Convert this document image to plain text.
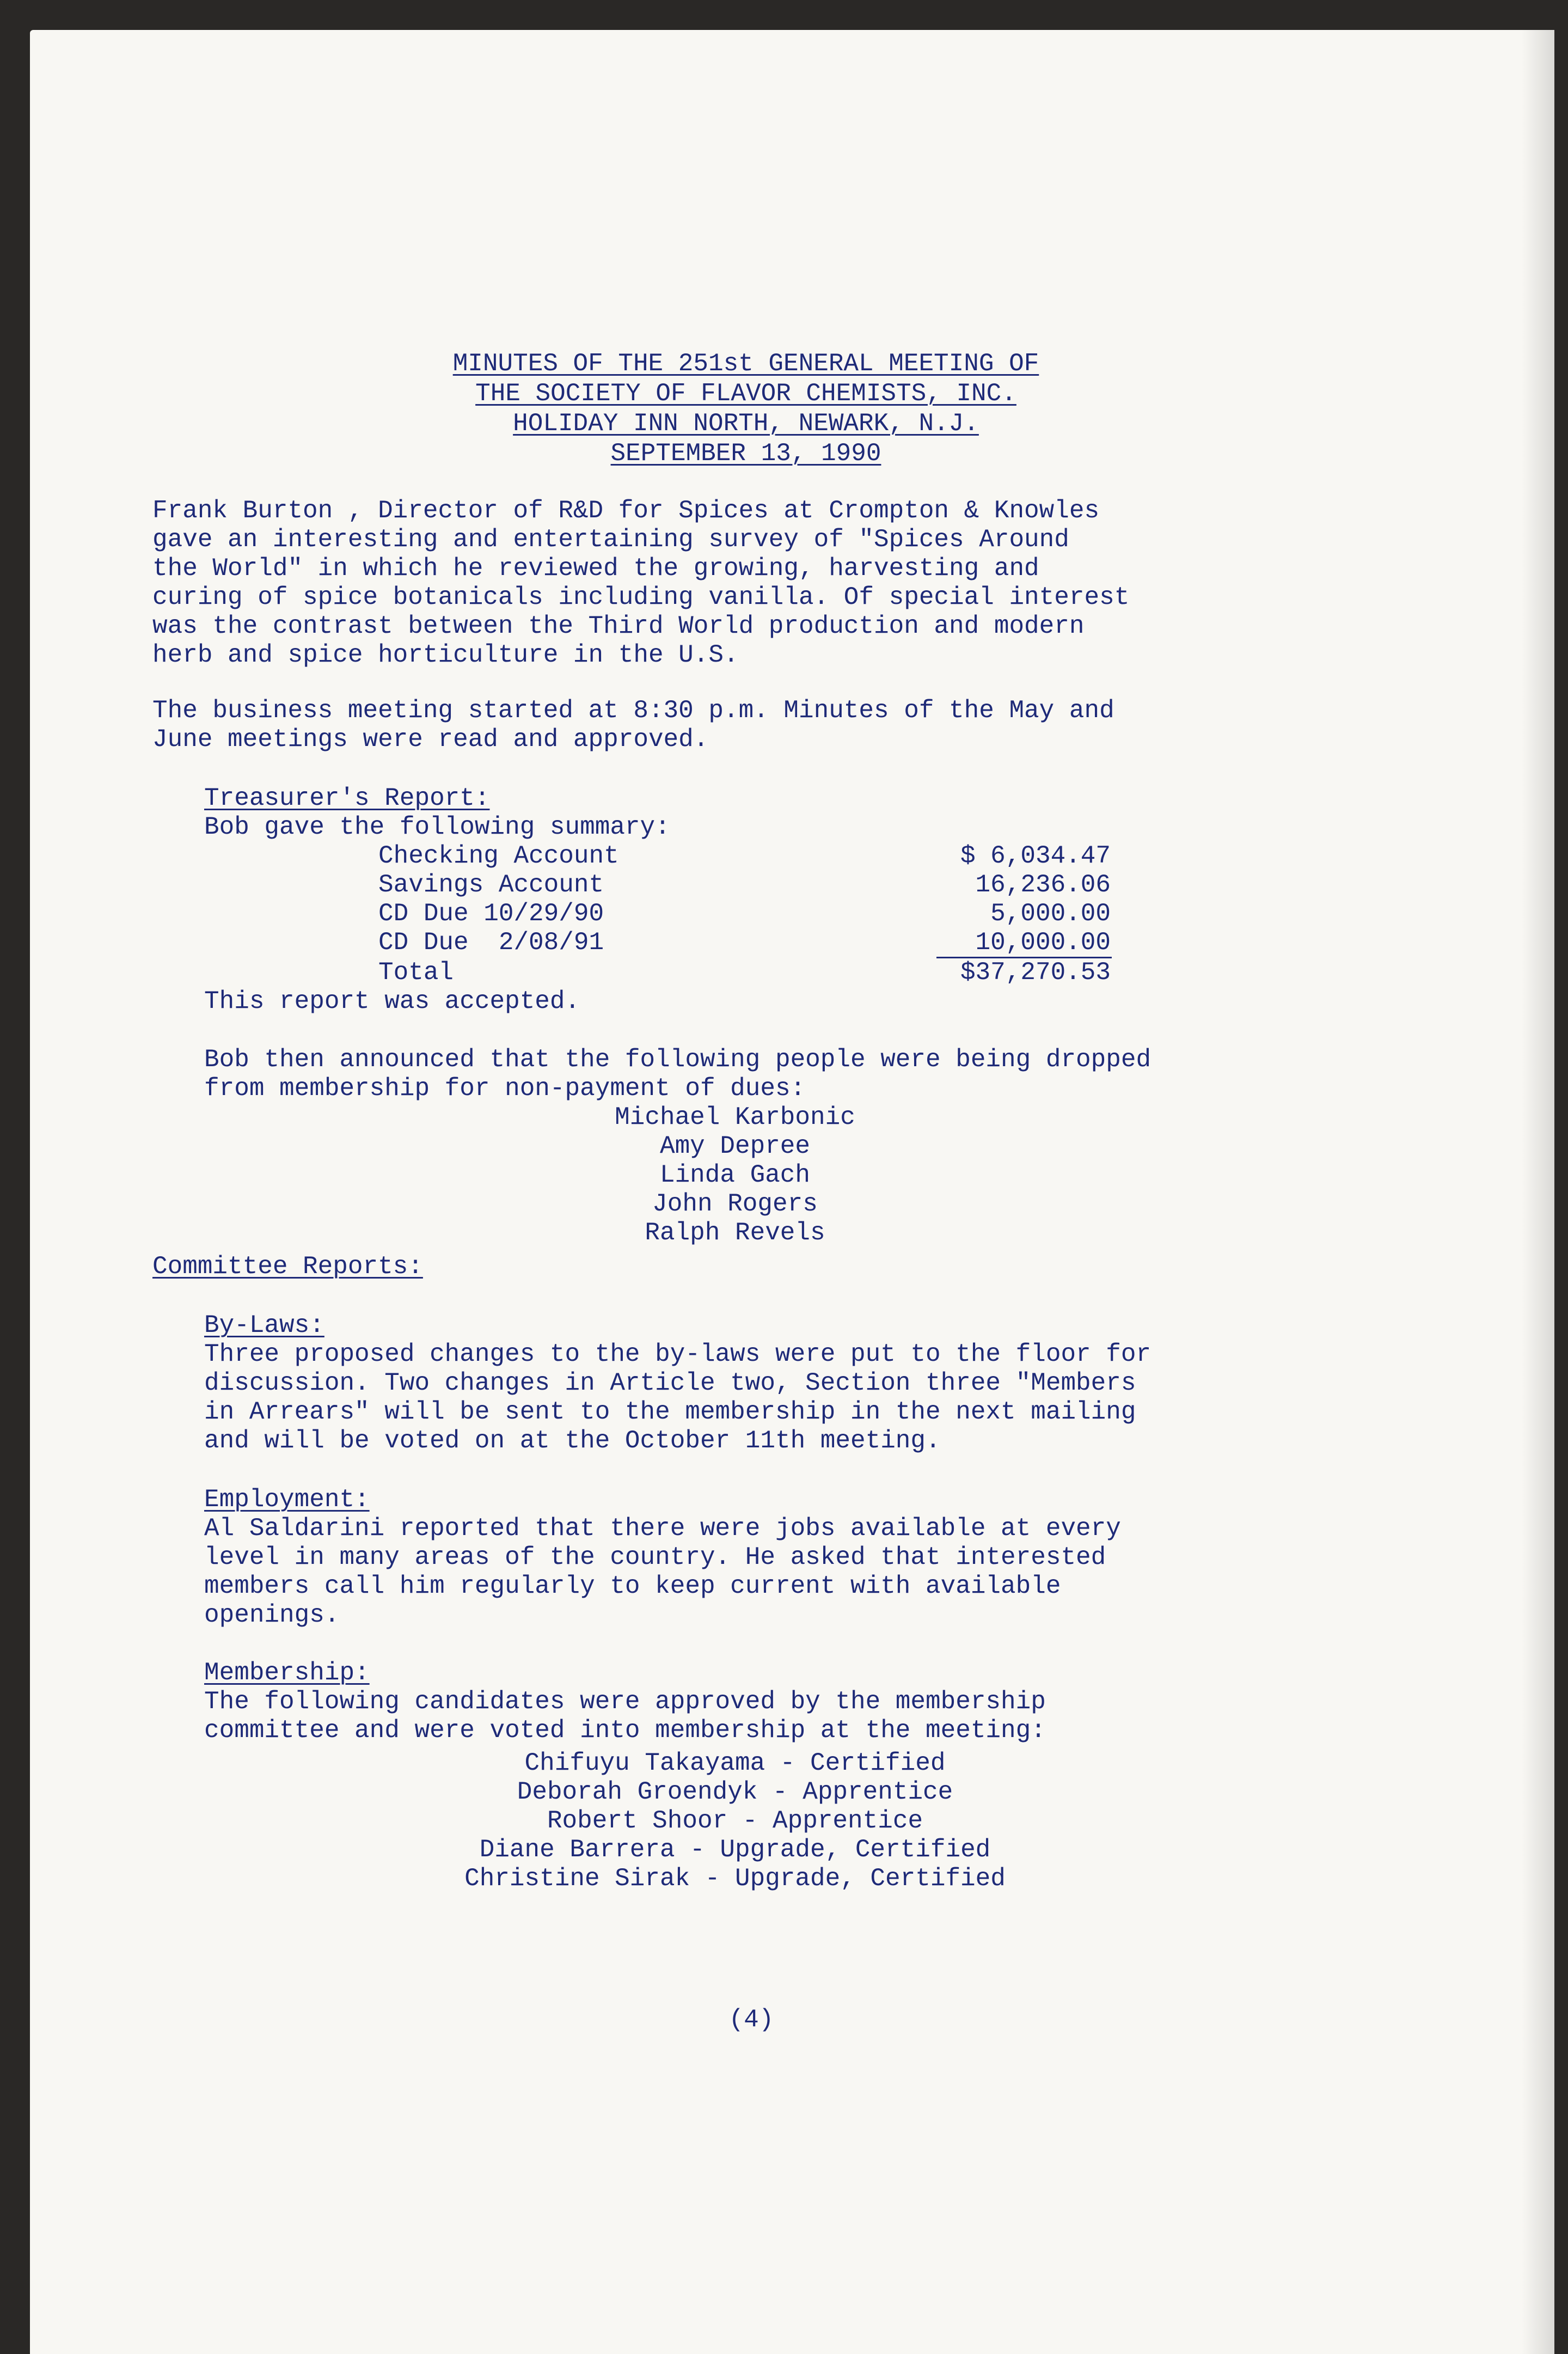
MINUTES OF THE 251st GENERAL MEETING OF
THE SOCIETY OF FLAVOR CHEMISTS, INC.
HOLIDAY INN NORTH, NEWARK, N.J.
SEPTEMBER 13, 1990
Frank Burton , Director of R&D for Spices at Crompton & Knowles
gave an interesting and entertaining survey of "Spices Around
the World" in which he reviewed the growing, harvesting and
curing of spice botanicals including vanilla. Of special interest
was the contrast between the Third World production and modern
herb and spice horticulture in the U.S.
The business meeting started at 8:30 p.m. Minutes of the May and
June meetings were read and approved.
Treasurer's Report:
Bob gave the following summary:
Checking Account	$ 6,034.47
Savings Account	16,236.06
CD Due 10/29/90	5,000.00
CD Due  2/08/91	10,000.00
Total	$37,270.53
This report was accepted.
Bob then announced that the following people were being dropped
from membership for non-payment of dues:
Michael Karbonic
Amy Depree
Linda Gach
John Rogers
Ralph Revels
Committee Reports:
By-Laws:
Three proposed changes to the by-laws were put to the floor for
discussion. Two changes in Article two, Section three "Members
in Arrears" will be sent to the membership in the next mailing
and will be voted on at the October 11th meeting.
Employment:
Al Saldarini reported that there were jobs available at every
level in many areas of the country. He asked that interested
members call him regularly to keep current with available
openings.
Membership:
The following candidates were approved by the membership
committee and were voted into membership at the meeting:
Chifuyu Takayama - Certified
Deborah Groendyk - Apprentice
Robert Shoor - Apprentice
Diane Barrera - Upgrade, Certified
Christine Sirak - Upgrade, Certified
(4)
